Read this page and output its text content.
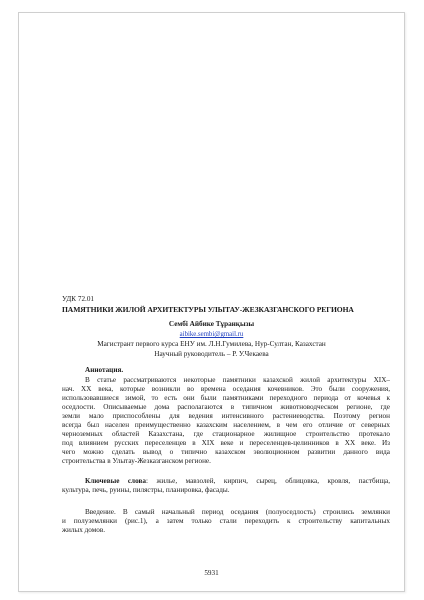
УДК 72.01
ПАМЯТНИКИ ЖИЛОЙ АРХИТЕКТУРЫ УЛЫТАУ-ЖЕЗКАЗГАНСКОГО РЕГИОНА
Сембі Айбике Тұранқызы
aibike.sembi@gmail.ru
Магистрант первого курса ЕНУ им. Л.Н.Гумилева, Нур-Султан, Казахстан
Научный руководитель – Р. У.Чекаева
Аннотация.
В статье рассматриваются некоторые памятники казахской жилой архитектуры XIX–
нач. XX века, которые возникли во времена оседания кочевников. Это были сооружения,
использовавшиеся зимой, то есть они были памятниками переходного периода от кочевья к
оседлости. Описываемые дома располагаются в типичном животноводческом регионе, где
земли мало приспособлены для ведения интенсивного растениеводства. Поэтому регион
всегда был населен преимущественно казахским населением, в чем его отличие от северных
черноземных областей Казахстана, где стационарное жилищное строительство протекало
под влиянием русских переселенцев в XIX веке и переселенцев-целинников в XX веке. Из
чего можно сделать вывод о типично казахском эволюционном развитии данного вида
строительства в Улытау-Жезказганском регионе.
Ключевые слова: жилье, мавзолей, кирпич, сырец, облицовка, кровля, пастбища,
культура, печь, руины, пилястры, планировка, фасады.
Введение. В самый начальный период оседания (полуоседлость) строились землянки
и полуземлянки (рис.1), а затем только стали переходить к строительству капитальных
жилых домов.
5931
